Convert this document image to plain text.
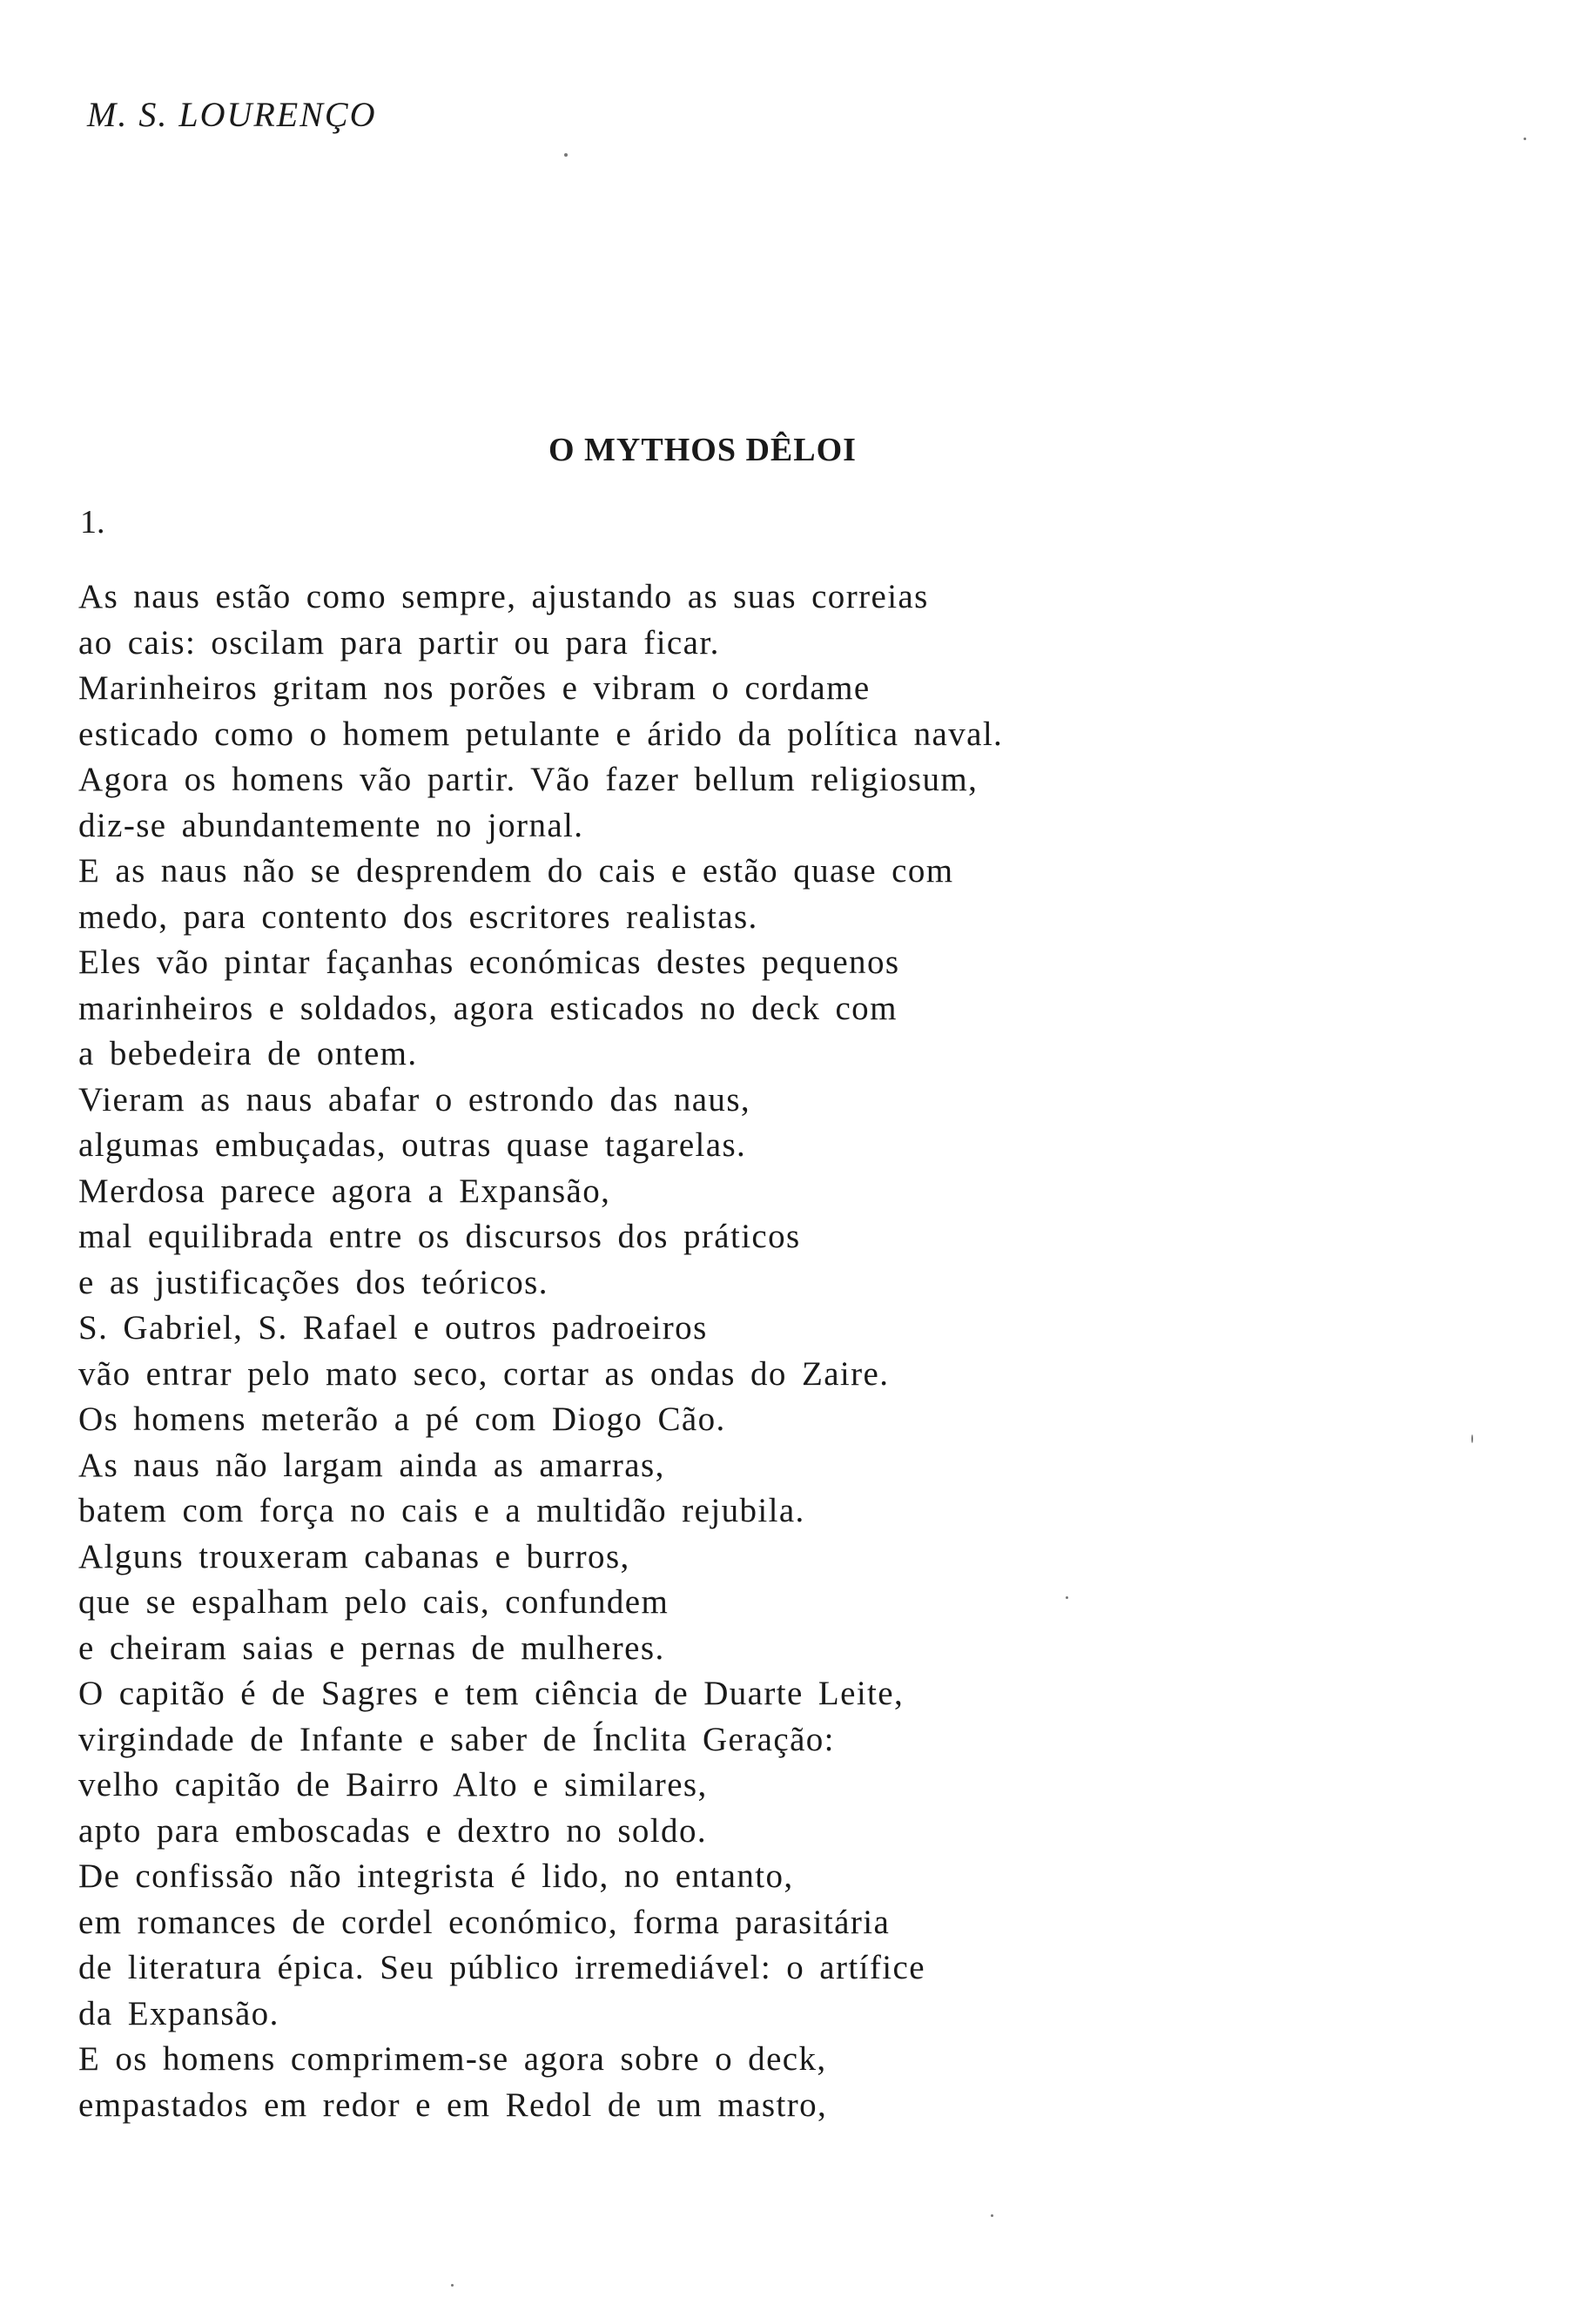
M. S. LOURENÇO
O MYTHOS DÊLOI
1.
As naus estão como sempre, ajustando as suas correias
ao cais: oscilam para partir ou para ficar.
Marinheiros gritam nos porões e vibram o cordame
esticado como o homem petulante e árido da política naval.
Agora os homens vão partir. Vão fazer bellum religiosum,
diz-se abundantemente no jornal.
E as naus não se desprendem do cais e estão quase com
medo, para contento dos escritores realistas.
Eles vão pintar façanhas económicas destes pequenos
marinheiros e soldados, agora esticados no deck com
a bebedeira de ontem.
Vieram as naus abafar o estrondo das naus,
algumas embuçadas, outras quase tagarelas.
Merdosa parece agora a Expansão,
mal equilibrada entre os discursos dos práticos
e as justificações dos teóricos.
S. Gabriel, S. Rafael e outros padroeiros
vão entrar pelo mato seco, cortar as ondas do Zaire.
Os homens meterão a pé com Diogo Cão.
As naus não largam ainda as amarras,
batem com força no cais e a multidão rejubila.
Alguns trouxeram cabanas e burros,
que se espalham pelo cais, confundem
e cheiram saias e pernas de mulheres.
O capitão é de Sagres e tem ciência de Duarte Leite,
virgindade de Infante e saber de Ínclita Geração:
velho capitão de Bairro Alto e similares,
apto para emboscadas e dextro no soldo.
De confissão não integrista é lido, no entanto,
em romances de cordel económico, forma parasitária
de literatura épica. Seu público irremediável: o artífice
da Expansão.
E os homens comprimem-se agora sobre o deck,
empastados em redor e em Redol de um mastro,
